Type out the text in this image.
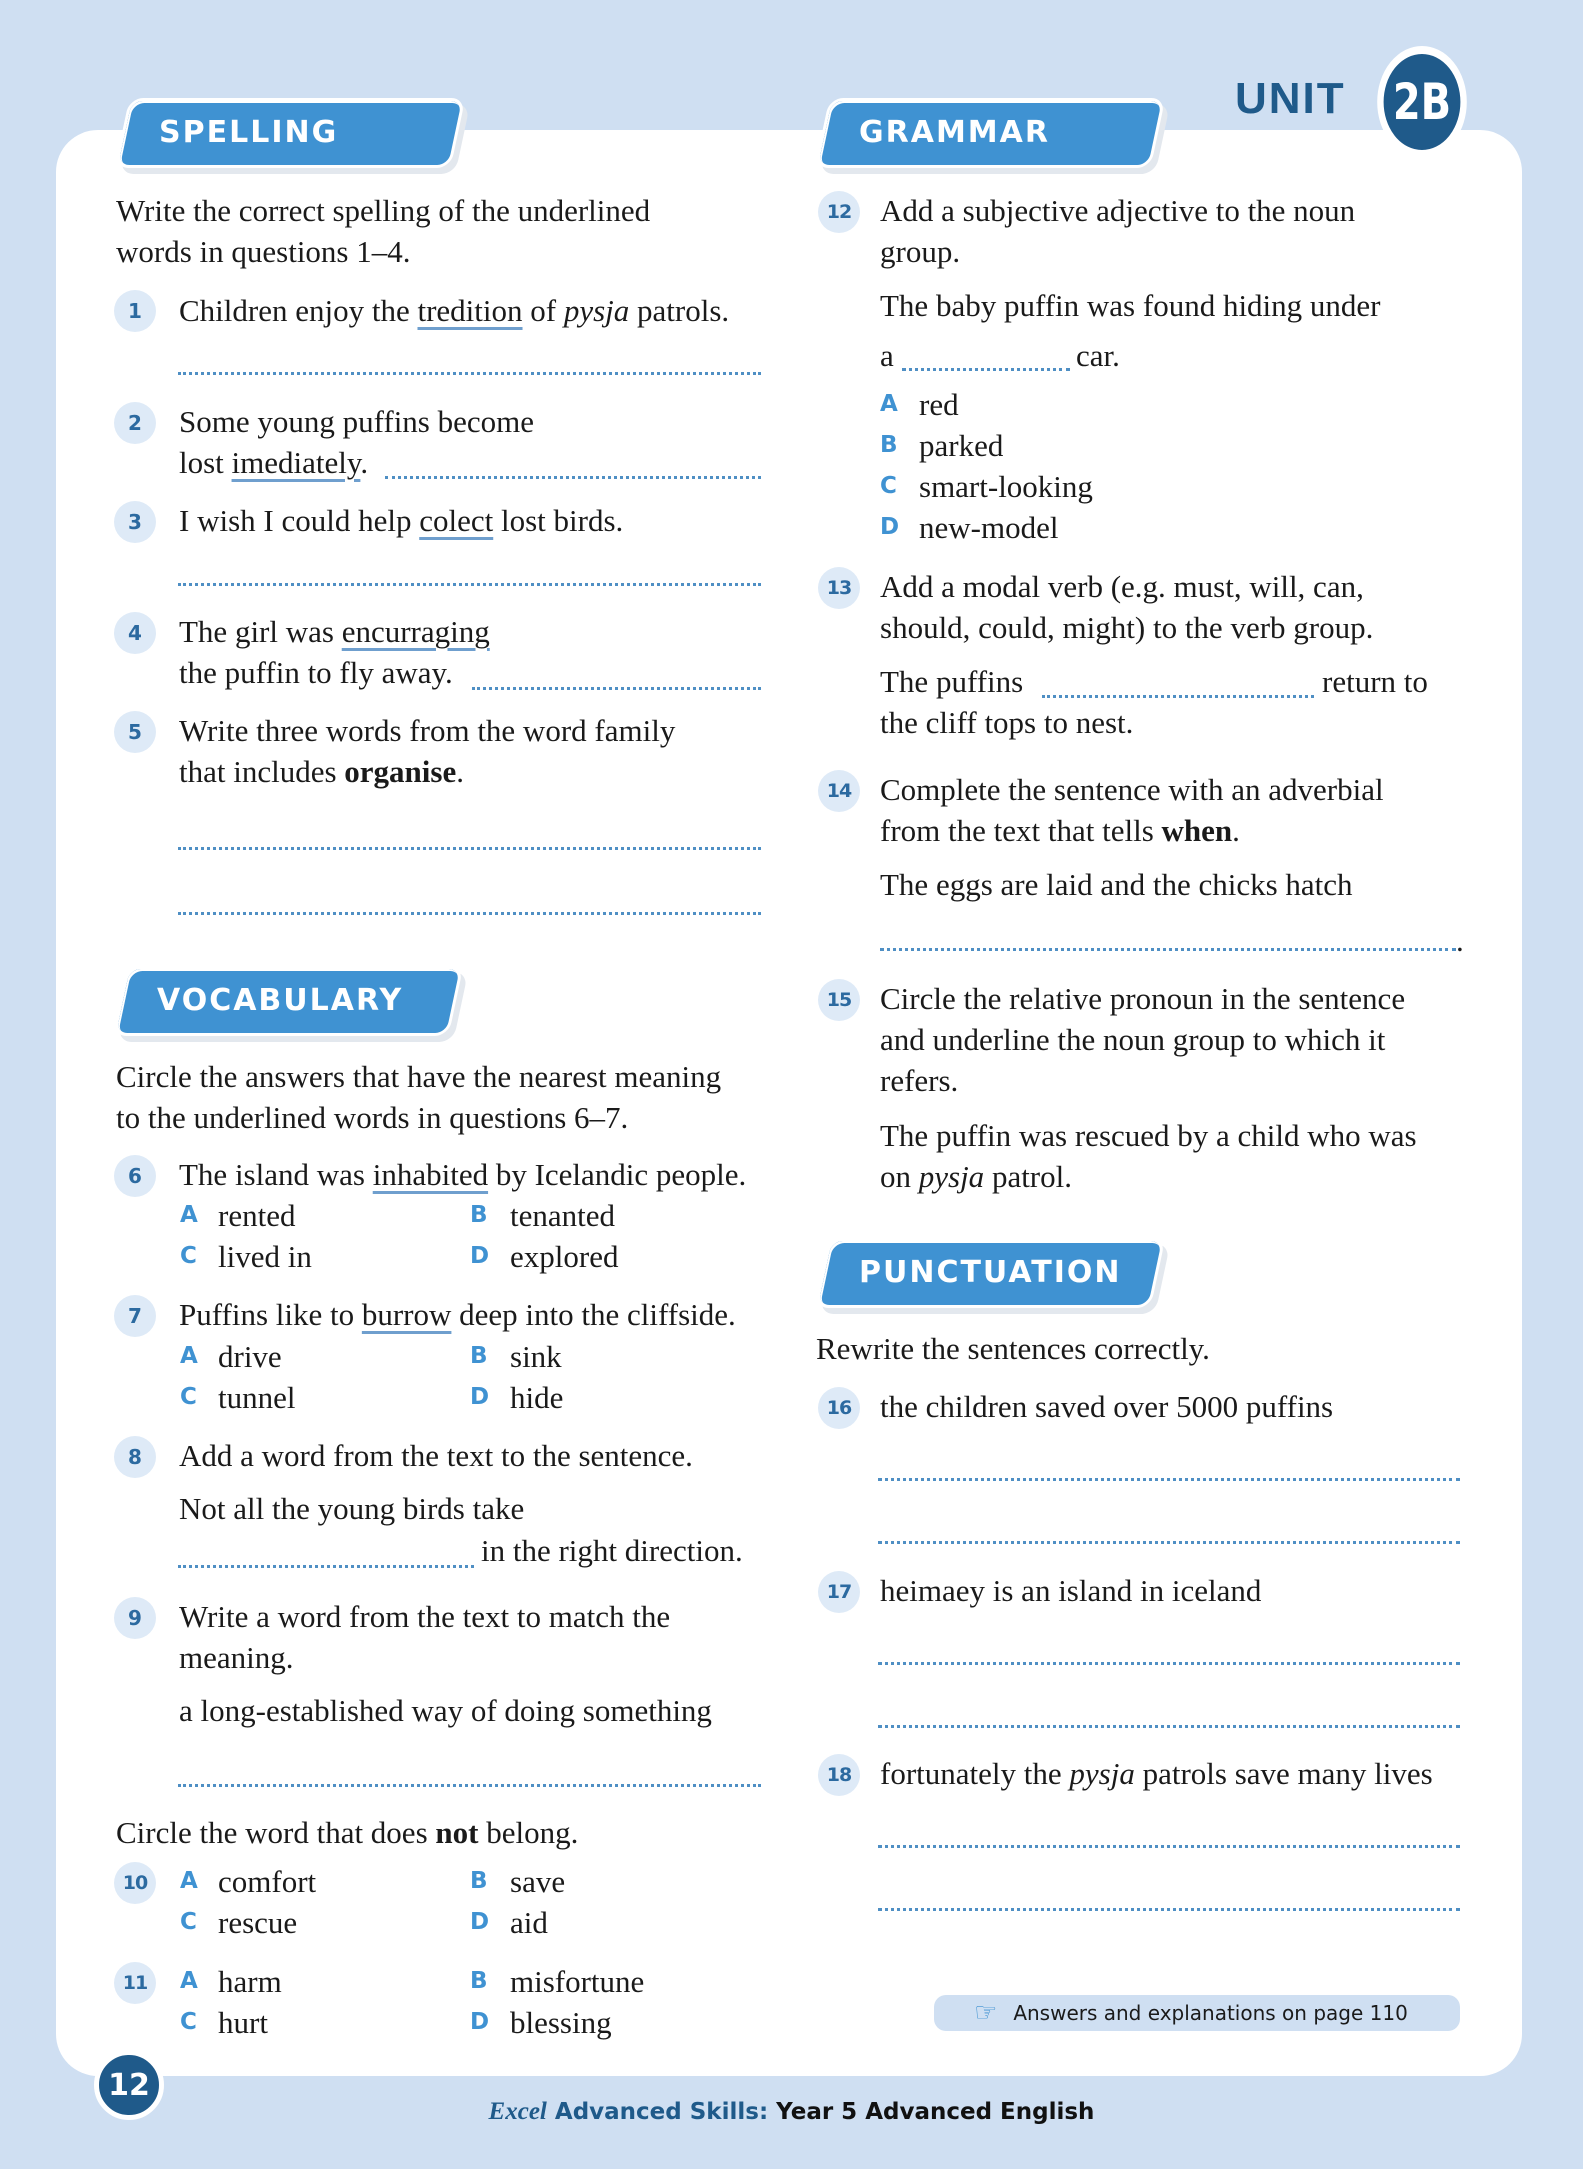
UNIT 2B
SPELLING
Write the correct spelling of the underlined
words in questions 1–4.
1	Children enjoy the tredition of pysja patrols.
2	Some young puffins become
lost imediately.
3	I wish I could help colect lost birds.
4	The girl was encurraging
the puffin to fly away.
5	Write three words from the word family
that includes organise.
VOCABULARY
Circle the answers that have the nearest meaning
to the underlined words in questions 6–7.
6	The island was inhabited by Icelandic people.
A rented	B tenanted
C lived in	D explored
7	Puffins like to burrow deep into the cliffside.
A drive	B sink
C tunnel	D hide
8	Add a word from the text to the sentence.
Not all the young birds take
in the right direction.
9	Write a word from the text to match the
meaning.
a long-established way of doing something
Circle the word that does not belong.
10	A comfort	B save
C rescue	D aid
11	A harm	B misfortune
C hurt	D blessing
GRAMMAR
12 Add a subjective adjective to the noun
group.
The baby puffin was found hiding under
a	car.
A red
B parked
C smart-looking
D new-model
13 Add a modal verb (e.g. must, will, can,
should, could, might) to the verb group.
The puffins	return to
the cliff tops to nest.
14 Complete the sentence with an adverbial
from the text that tells when.
The eggs are laid and the chicks hatch
.
15 Circle the relative pronoun in the sentence
and underline the noun group to which it
refers.
The puffin was rescued by a child who was
on pysja patrol.
PUNCTUATION
Rewrite the sentences correctly.
16 the children saved over 5000 puffins
17 heimaey is an island in iceland
18 fortunately the pysja patrols save many lives
☞ Answers and explanations on page 110
12
Excel Advanced Skills: Year 5 Advanced English
